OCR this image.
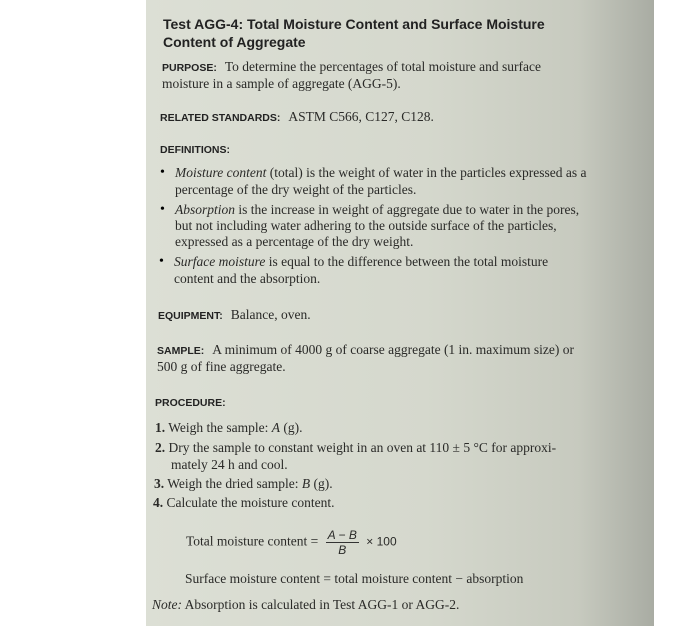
Test AGG-4: Total Moisture Content and Surface Moisture
Content of Aggregate
PURPOSE: To determine the percentages of total moisture and surface
moisture in a sample of aggregate (AGG-5).
RELATED STANDARDS: ASTM C566, C127, C128.
DEFINITIONS:
• Moisture content (total) is the weight of water in the particles expressed as a
percentage of the dry weight of the particles.
• Absorption is the increase in weight of aggregate due to water in the pores,
but not including water adhering to the outside surface of the particles,
expressed as a percentage of the dry weight.
• Surface moisture is equal to the difference between the total moisture
content and the absorption.
EQUIPMENT: Balance, oven.
SAMPLE: A minimum of 4000 g of coarse aggregate (1 in. maximum size) or
500 g of fine aggregate.
PROCEDURE:
1. Weigh the sample: A (g).
2. Dry the sample to constant weight in an oven at 110 ± 5 °C for approxi-
mately 24 h and cool.
3. Weigh the dried sample: B (g).
4. Calculate the moisture content.
Total moisture content = $\frac{A - B}{B} \times 100$
Surface moisture content = total moisture content − absorption
Note: Absorption is calculated in Test AGG-1 or AGG-2.
